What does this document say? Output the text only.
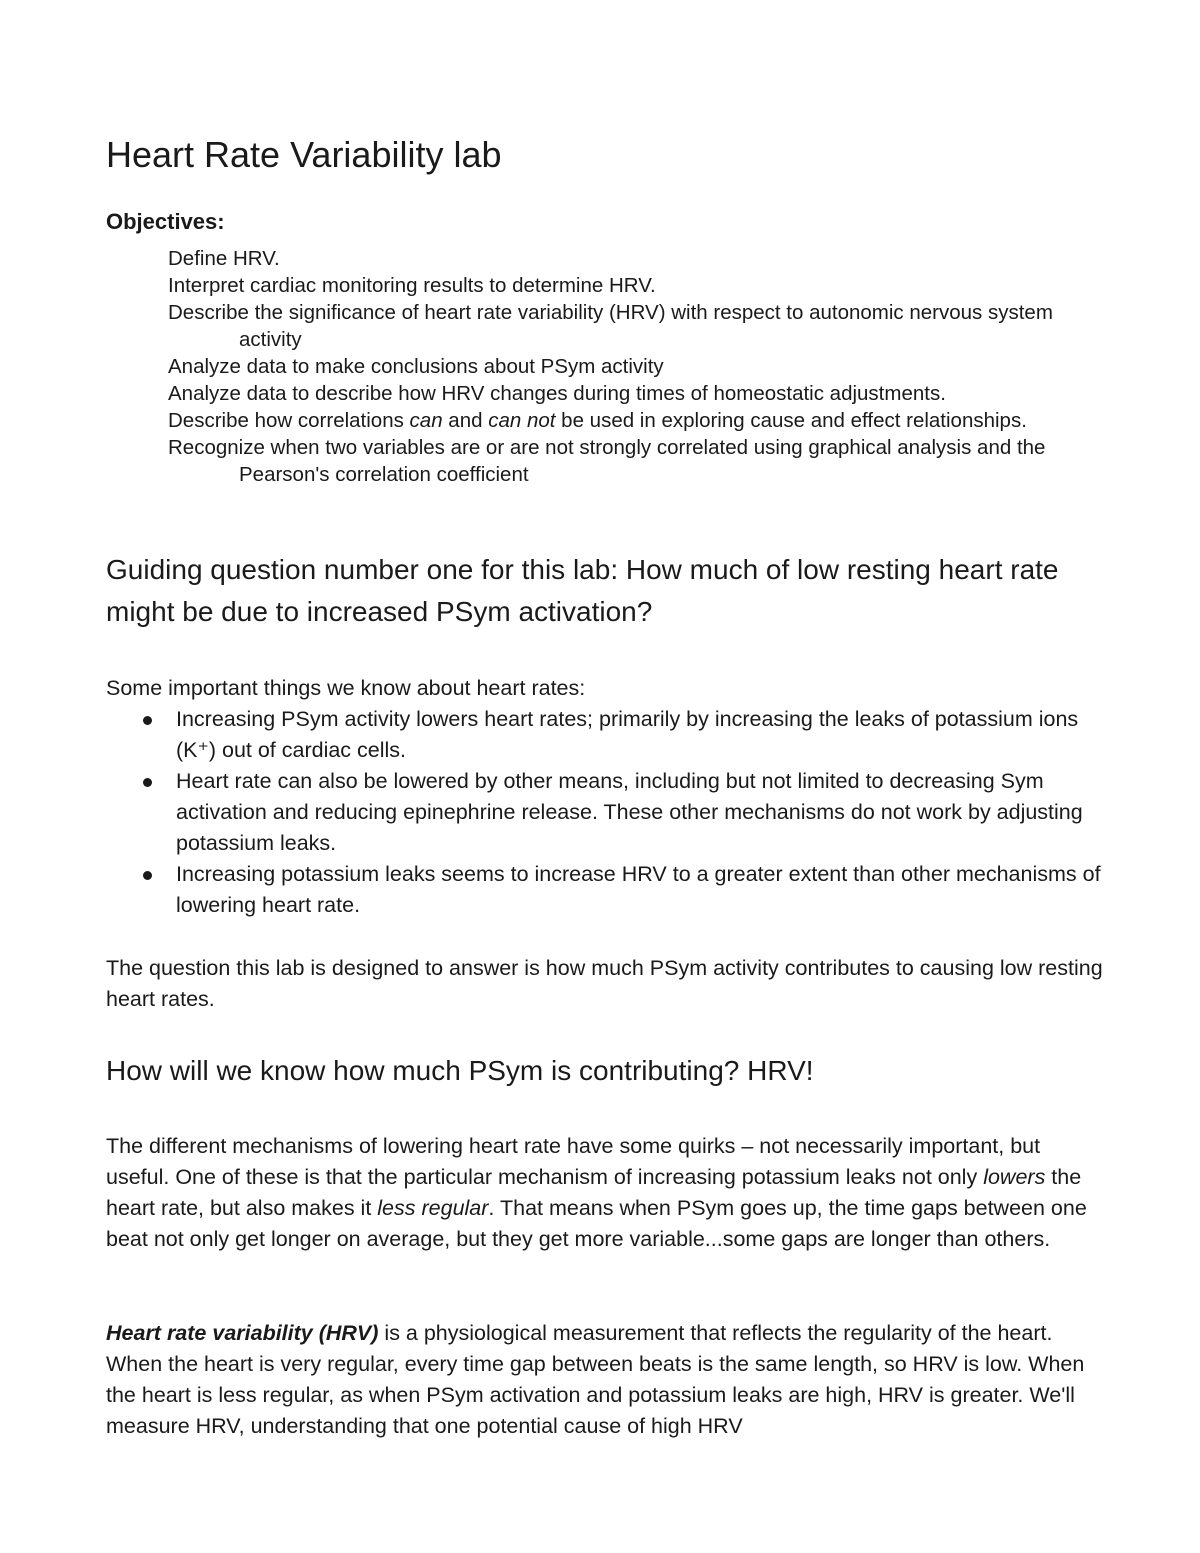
Heart Rate Variability lab
Objectives:
Define HRV.
Interpret cardiac monitoring results to determine HRV.
Describe the significance of heart rate variability (HRV) with respect to autonomic nervous system activity
Analyze data to make conclusions about PSym activity
Analyze data to describe how HRV changes during times of homeostatic adjustments.
Describe how correlations can and can not be used in exploring cause and effect relationships.
Recognize when two variables are or are not strongly correlated using graphical analysis and the Pearson's correlation coefficient
Guiding question number one for this lab: How much of low resting heart rate might be due to increased PSym activation?

Some important things we know about heart rates:

Increasing PSym activity lowers heart rates; primarily by increasing the leaks of potassium ions (K⁺) out of cardiac cells.
Heart rate can also be lowered by other means, including but not limited to decreasing Sym activation and reducing epinephrine release. These other mechanisms do not work by adjusting potassium leaks.
Increasing potassium leaks seems to increase HRV to a greater extent than other mechanisms of lowering heart rate.

The question this lab is designed to answer is how much PSym activity contributes to causing low resting heart rates.

How will we know how much PSym is contributing? HRV!

The different mechanisms of lowering heart rate have some quirks – not necessarily important, but useful. One of these is that the particular mechanism of increasing potassium leaks not only lowers the heart rate, but also makes it less regular. That means when PSym goes up, the time gaps between one beat not only get longer on average, but they get more variable...some gaps are longer than others.

Heart rate variability (HRV) is a physiological measurement that reflects the regularity of the heart. When the heart is very regular, every time gap between beats is the same length, so HRV is low. When the heart is less regular, as when PSym activation and potassium leaks are high, HRV is greater. We'll measure HRV, understanding that one potential cause of high HRV
